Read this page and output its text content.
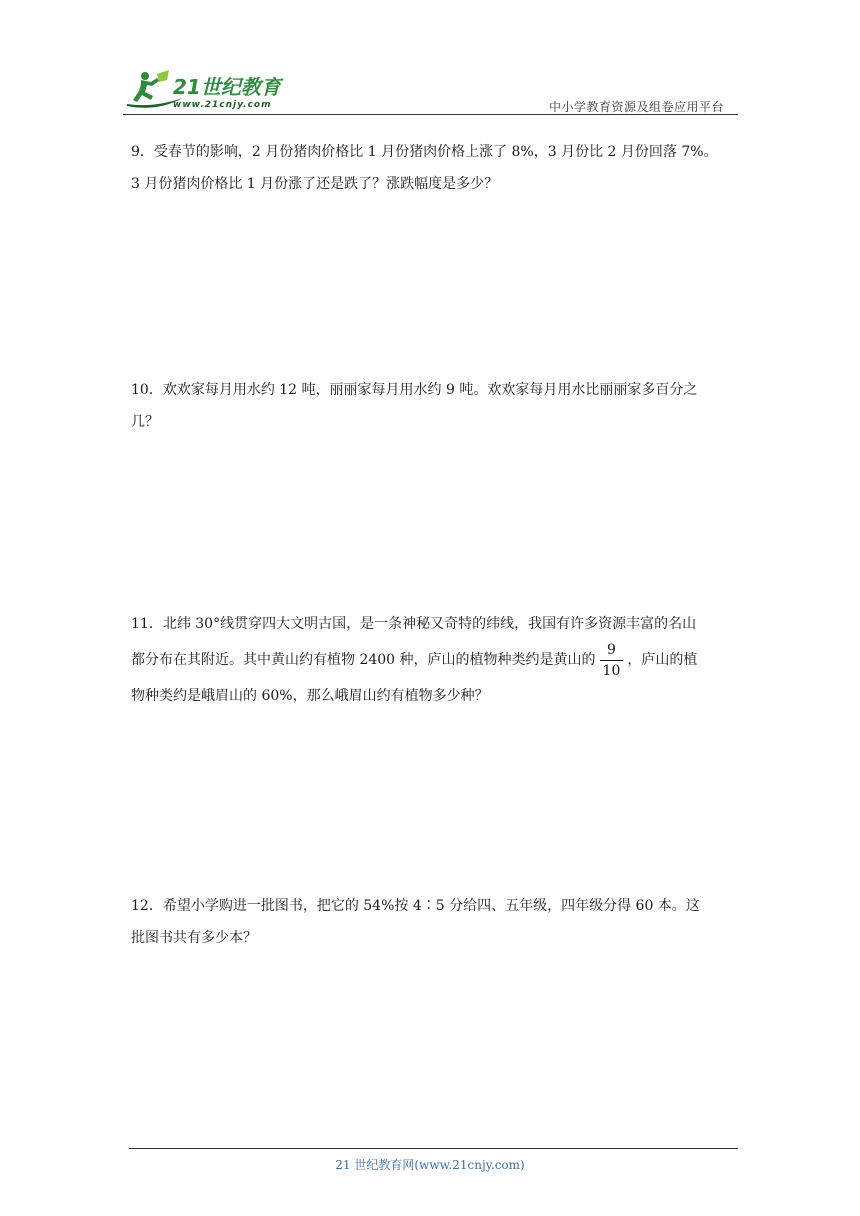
21世纪教育
www.21cnjy.com	中小学教育资源及组卷应用平台
9．受春节的影响，2 月份猪肉价格比 1 月份猪肉价格上涨了 8%，3 月份比 2 月份回落 7%。
3 月份猪肉价格比 1 月份涨了还是跌了？涨跌幅度是多少？
10．欢欢家每月用水约 12 吨，丽丽家每月用水约 9 吨。欢欢家每月用水比丽丽家多百分之
几？
11．北纬 30°线贯穿四大文明古国，是一条神秘又奇特的纬线，我国有许多资源丰富的名山
都分布在其附近。其中黄山约有植物 2400 种，庐山的植物种类约是黄山的 $\frac{9}{10}$ ，庐山的植
物种类约是峨眉山的 60%，那么峨眉山约有植物多少种？
12．希望小学购进一批图书，把它的 54%按 4∶5 分给四、五年级，四年级分得 60 本。这
批图书共有多少本？
21 世纪教育网(www.21cnjy.com)
